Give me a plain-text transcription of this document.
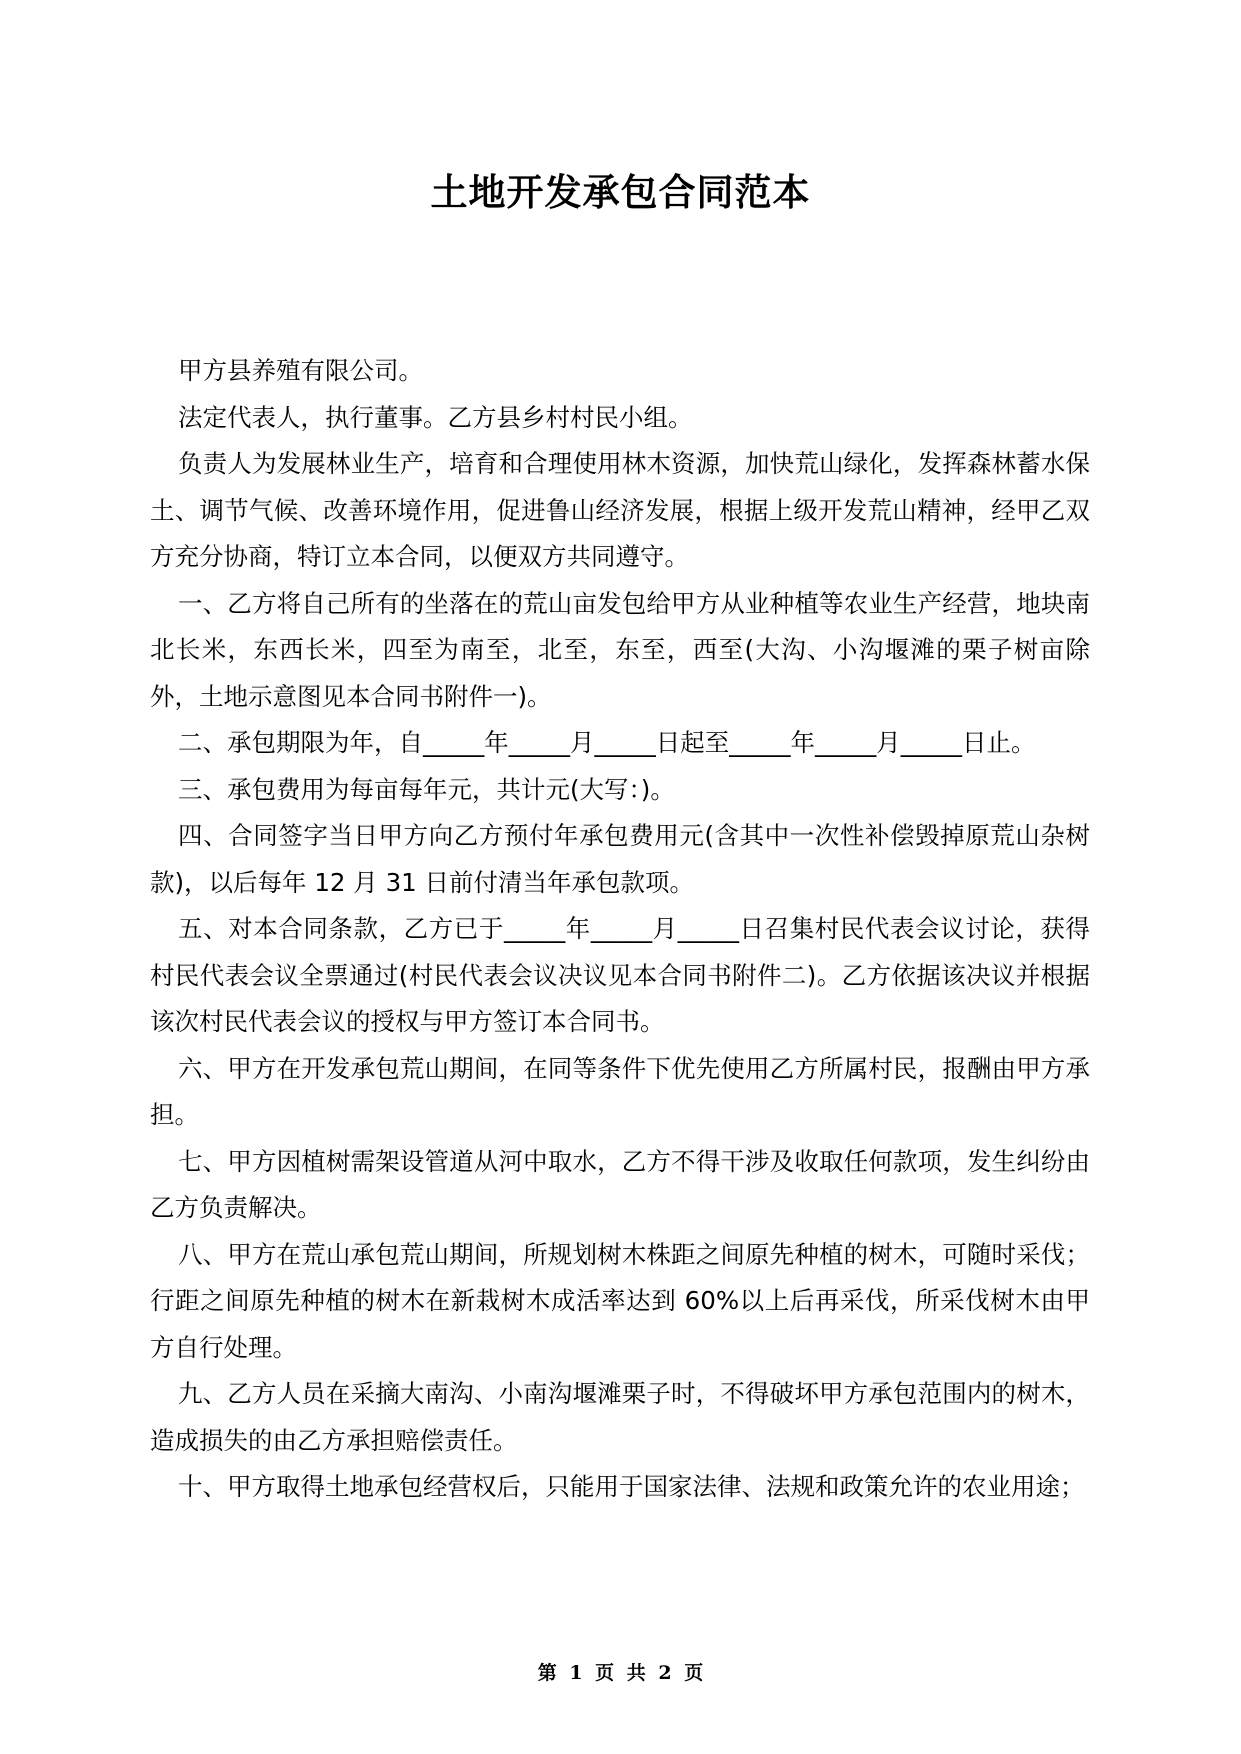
土地开发承包合同范本

甲方县养殖有限公司。

法定代表人，执行董事。乙方县乡村村民小组。

负责人为发展林业生产，培育和合理使用林木资源，加快荒山绿化，发挥森林蓄水保土、调节气候、改善环境作用，促进鲁山经济发展，根据上级开发荒山精神，经甲乙双方充分协商，特订立本合同，以便双方共同遵守。

一、乙方将自己所有的坐落在的荒山亩发包给甲方从业种植等农业生产经营，地块南北长米，东西长米，四至为南至，北至，东至，西至(大沟、小沟堰滩的栗子树亩除外，土地示意图见本合同书附件一)。

二、承包期限为年，自_____年_____月_____日起至_____年_____月_____日止。

三、承包费用为每亩每年元，共计元(大写：)。

四、合同签字当日甲方向乙方预付年承包费用元(含其中一次性补偿毁掉原荒山杂树款)，以后每年 12 月 31 日前付清当年承包款项。

五、对本合同条款，乙方已于_____年_____月_____日召集村民代表会议讨论，获得村民代表会议全票通过(村民代表会议决议见本合同书附件二)。乙方依据该决议并根据该次村民代表会议的授权与甲方签订本合同书。

六、甲方在开发承包荒山期间，在同等条件下优先使用乙方所属村民，报酬由甲方承担。

七、甲方因植树需架设管道从河中取水，乙方不得干涉及收取任何款项，发生纠纷由乙方负责解决。

八、甲方在荒山承包荒山期间，所规划树木株距之间原先种植的树木，可随时采伐；行距之间原先种植的树木在新栽树木成活率达到 60%以上后再采伐，所采伐树木由甲方自行处理。

九、乙方人员在采摘大南沟、小南沟堰滩栗子时，不得破坏甲方承包范围内的树木，造成损失的由乙方承担赔偿责任。

十、甲方取得土地承包经营权后，只能用于国家法律、法规和政策允许的农业用途；

第 1 页 共 2 页
